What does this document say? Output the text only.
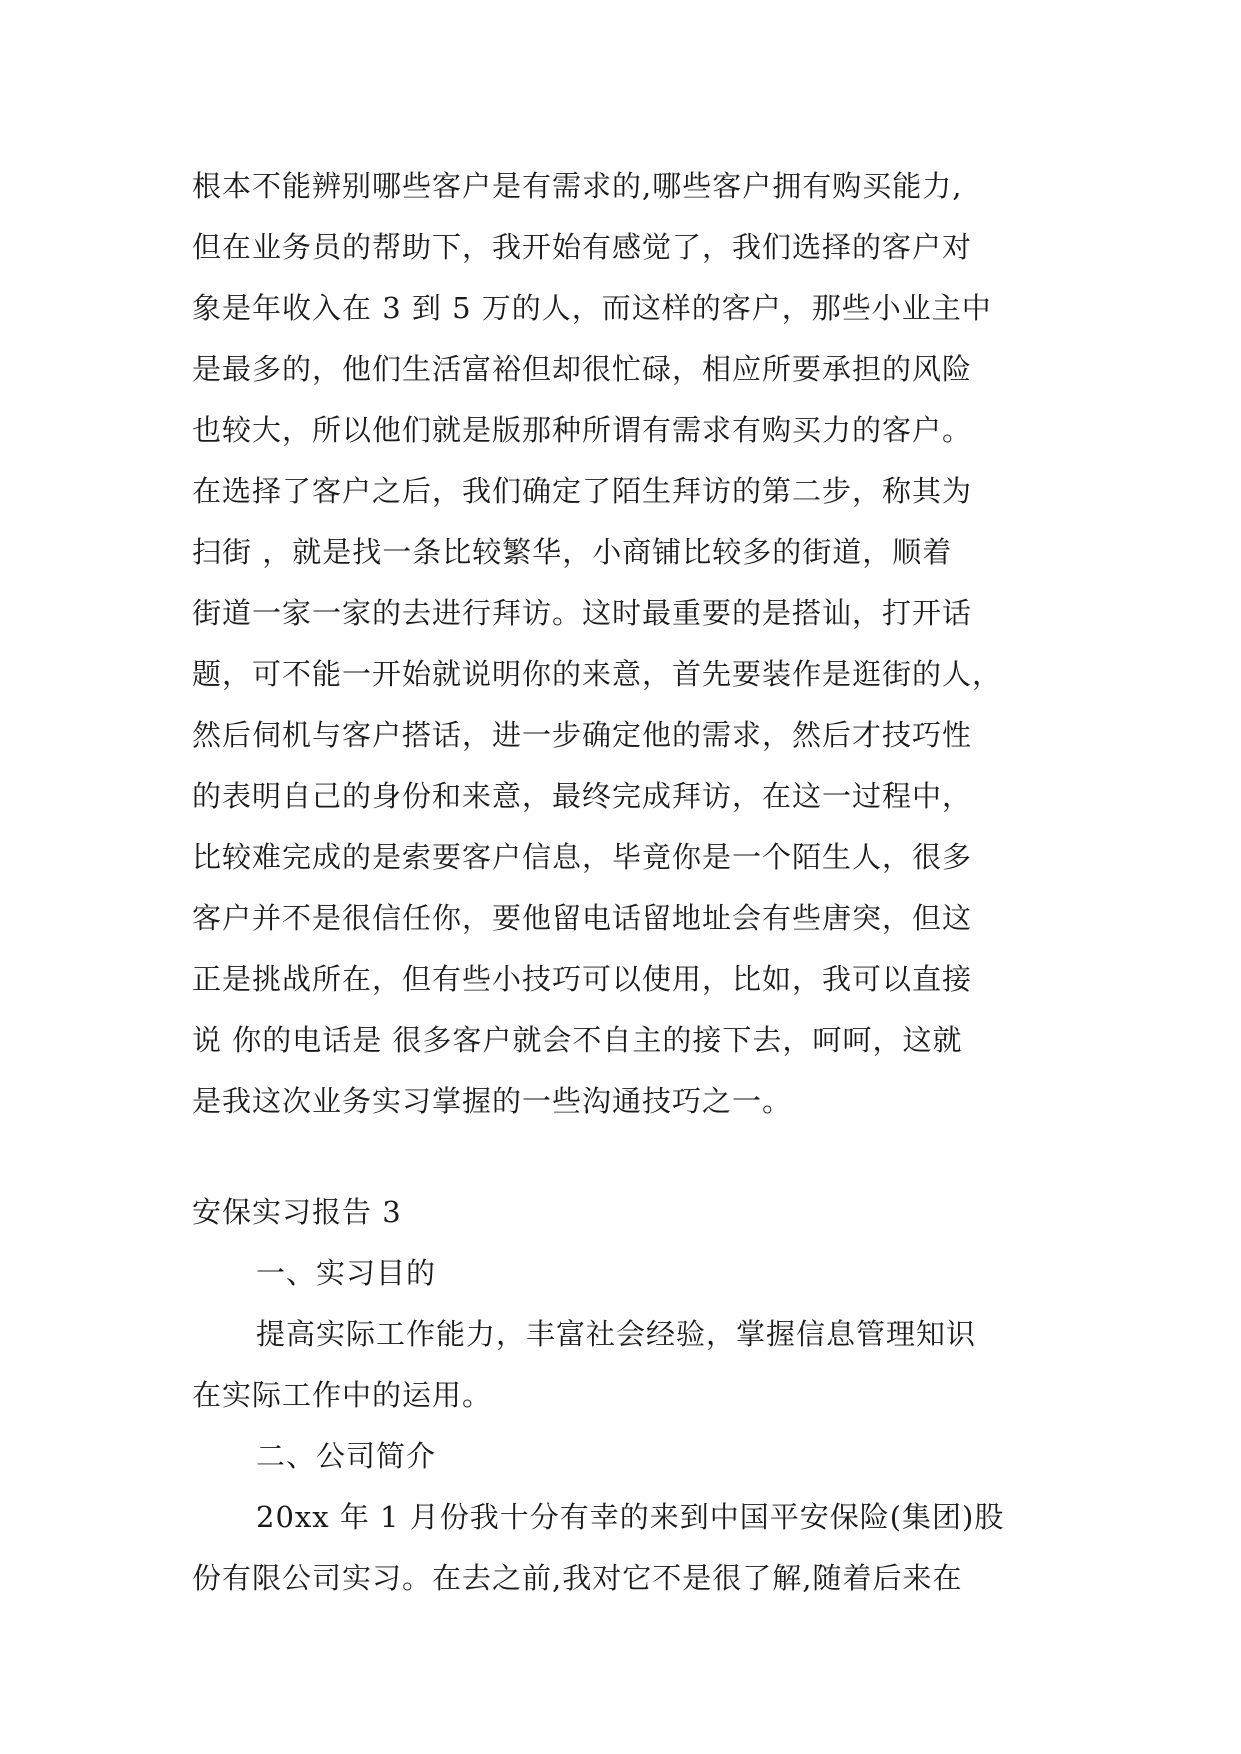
根本不能辨别哪些客户是有需求的,哪些客户拥有购买能力,
但在业务员的帮助下，我开始有感觉了，我们选择的客户对
象是年收入在 3 到 5 万的人，而这样的客户，那些小业主中
是最多的，他们生活富裕但却很忙碌，相应所要承担的风险
也较大，所以他们就是版那种所谓有需求有购买力的客户。
在选择了客户之后，我们确定了陌生拜访的第二步，称其为
扫街 ，就是找一条比较繁华，小商铺比较多的街道，顺着
街道一家一家的去进行拜访。这时最重要的是搭讪，打开话
题，可不能一开始就说明你的来意，首先要装作是逛街的人，
然后伺机与客户搭话，进一步确定他的需求，然后才技巧性
的表明自己的身份和来意，最终完成拜访，在这一过程中，
比较难完成的是索要客户信息，毕竟你是一个陌生人，很多
客户并不是很信任你，要他留电话留地址会有些唐突，但这
正是挑战所在，但有些小技巧可以使用，比如，我可以直接
说 你的电话是 很多客户就会不自主的接下去，呵呵，这就
是我这次业务实习掌握的一些沟通技巧之一。
安保实习报告 3
一、实习目的
提高实际工作能力，丰富社会经验，掌握信息管理知识
在实际工作中的运用。
二、公司简介
20xx 年 1 月份我十分有幸的来到中国平安保险(集团)股
份有限公司实习。在去之前,我对它不是很了解,随着后来在
